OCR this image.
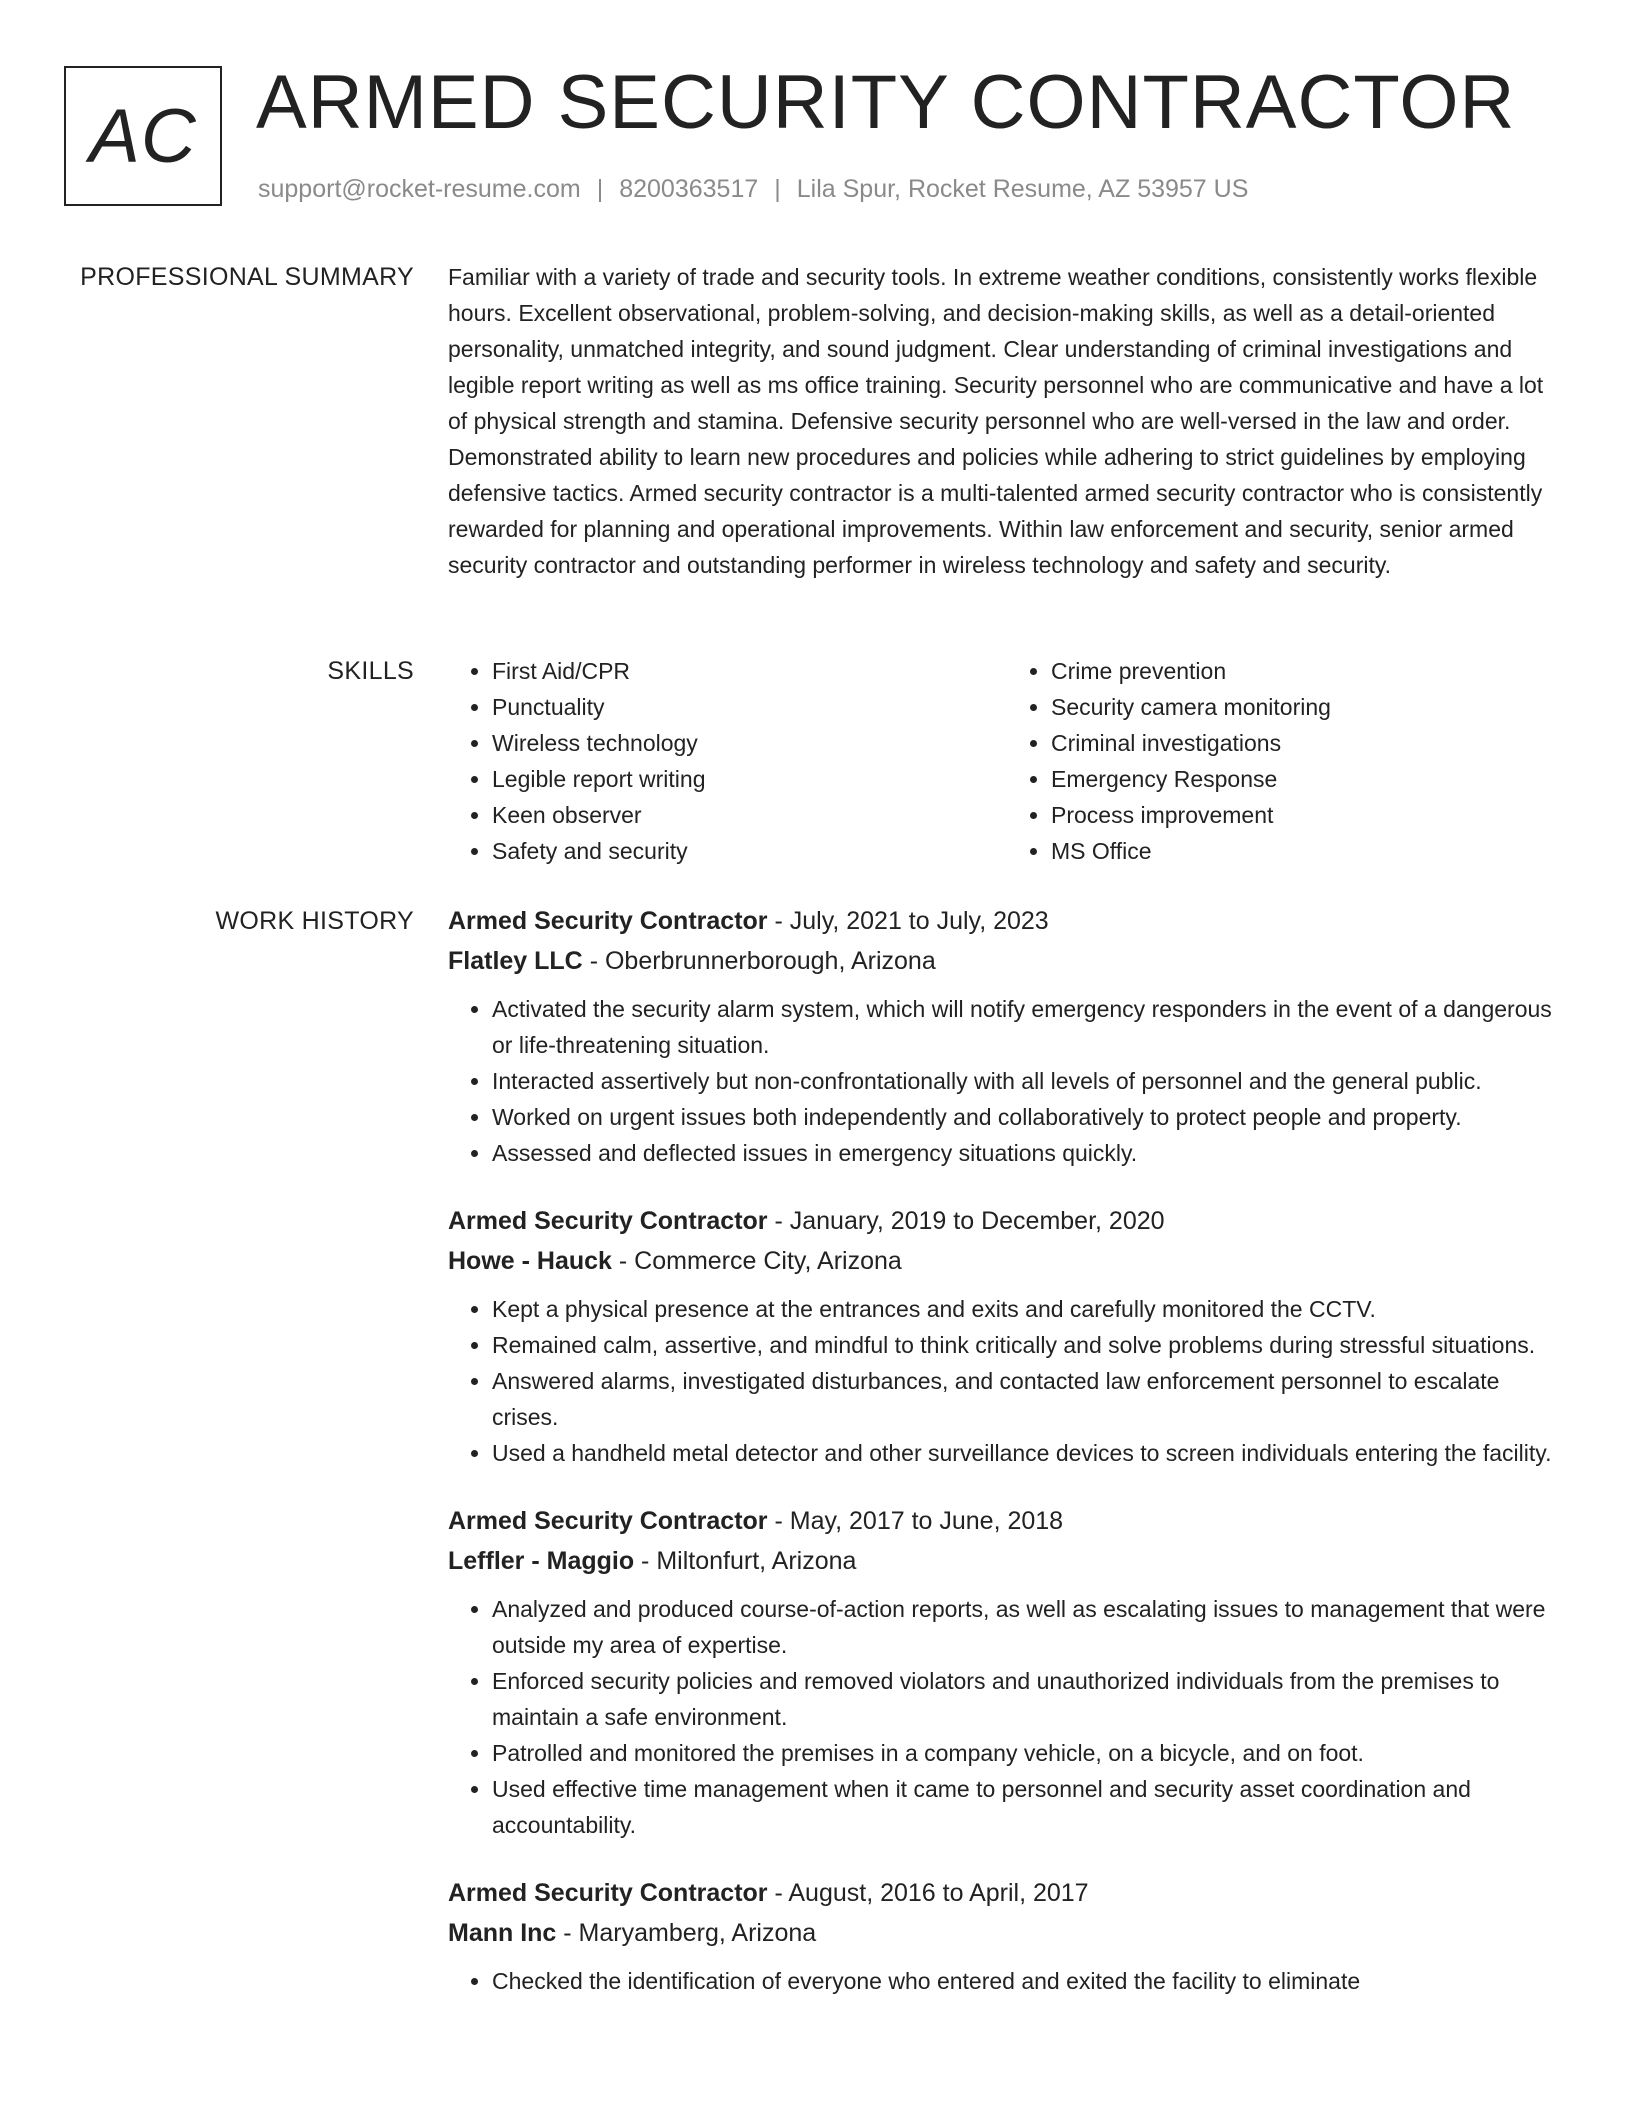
AC ARMED SECURITY CONTRACTOR
support@rocket-resume.com | 8200363517 | Lila Spur, Rocket Resume, AZ 53957 US
PROFESSIONAL SUMMARY Familiar with a variety of trade and security tools. In extreme weather conditions, consistently works flexible hours. Excellent observational, problem-solving, and decision-making skills, as well as a detail-oriented personality, unmatched integrity, and sound judgment. Clear understanding of criminal investigations and legible report writing as well as ms office training. Security personnel who are communicative and have a lot of physical strength and stamina. Defensive security personnel who are well-versed in the law and order. Demonstrated ability to learn new procedures and policies while adhering to strict guidelines by employing defensive tactics. Armed security contractor is a multi-talented armed security contractor who is consistently rewarded for planning and operational improvements. Within law enforcement and security, senior armed security contractor and outstanding performer in wireless technology and safety and security.

SKILLS
•	First Aid/CPR
• Punctuality
• Wireless technology
• Legible report writing
• Keen observer
• Safety and security
• Crime prevention
• Security camera monitoring
• Criminal investigations
• Emergency Response
• Process improvement
• MS Office
WORK HISTORY Armed Security Contractor - July, 2021 to July, 2023
Flatley LLC - Oberbrunnerborough, Arizona
• Activated the security alarm system, which will notify emergency responders in the event of a dangerous or life-threatening situation.
• Interacted assertively but non-confrontationally with all levels of personnel and the general public.
• Worked on urgent issues both independently and collaboratively to protect people and property.
• Assessed and deflected issues in emergency situations quickly.
Armed Security Contractor - January, 2019 to December, 2020
Howe - Hauck - Commerce City, Arizona
• Kept a physical presence at the entrances and exits and carefully monitored the CCTV.
• Remained calm, assertive, and mindful to think critically and solve problems during stressful situations.
• Answered alarms, investigated disturbances, and contacted law enforcement personnel to escalate crises.
• Used a handheld metal detector and other surveillance devices to screen individuals entering the facility.
Armed Security Contractor - May, 2017 to June, 2018
Leffler - Maggio - Miltonfurt, Arizona
• Analyzed and produced course-of-action reports, as well as escalating issues to management that were outside my area of expertise.
• Enforced security policies and removed violators and unauthorized individuals from the premises to maintain a safe environment.
• Patrolled and monitored the premises in a company vehicle, on a bicycle, and on foot.
• Used effective time management when it came to personnel and security asset coordination and accountability.
Armed Security Contractor - August, 2016 to April, 2017
Mann Inc - Maryamberg, Arizona
• Checked the identification of everyone who entered and exited the facility to eliminate
